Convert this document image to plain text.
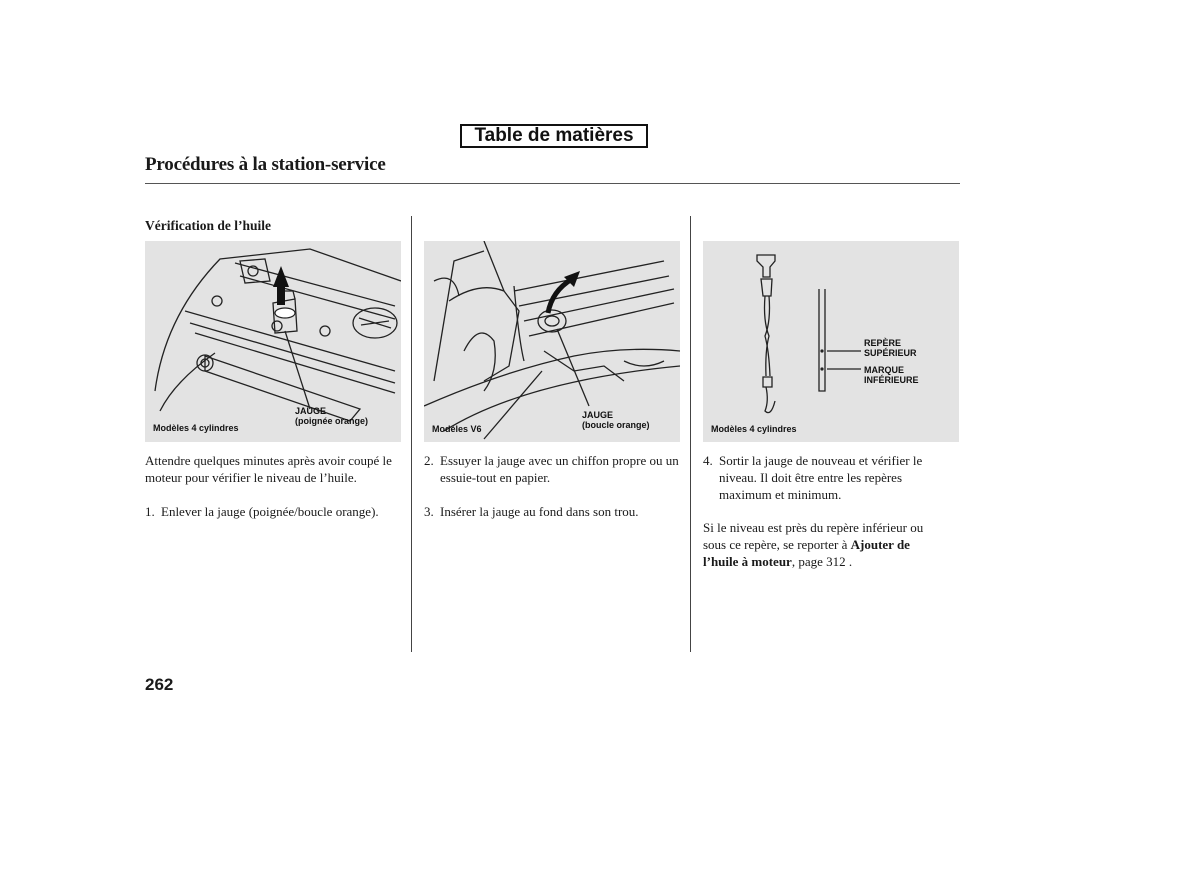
Table de matières
Procédures à la station-service
Vérification de l’huile
JAUGE
(poignée orange)
Modèles 4 cylindres
JAUGE
(boucle orange)
Modèles V6
REPÈRE
SUPÉRIEUR
MARQUE
INFÉRIEURE
Modèles 4 cylindres
Attendre quelques minutes après avoir coupé le moteur pour vérifier le niveau de l’huile.
1. Enlever la jauge (poignée/boucle orange).
2. Essuyer la jauge avec un chiffon propre ou un essuie-tout en papier.
3. Insérer la jauge au fond dans son trou.
4. Sortir la jauge de nouveau et vérifier le niveau. Il doit être entre les repères maximum et minimum.
Si le niveau est près du repère inférieur ou sous ce repère, se reporter à Ajouter de l’huile à moteur, page 312 .
262
